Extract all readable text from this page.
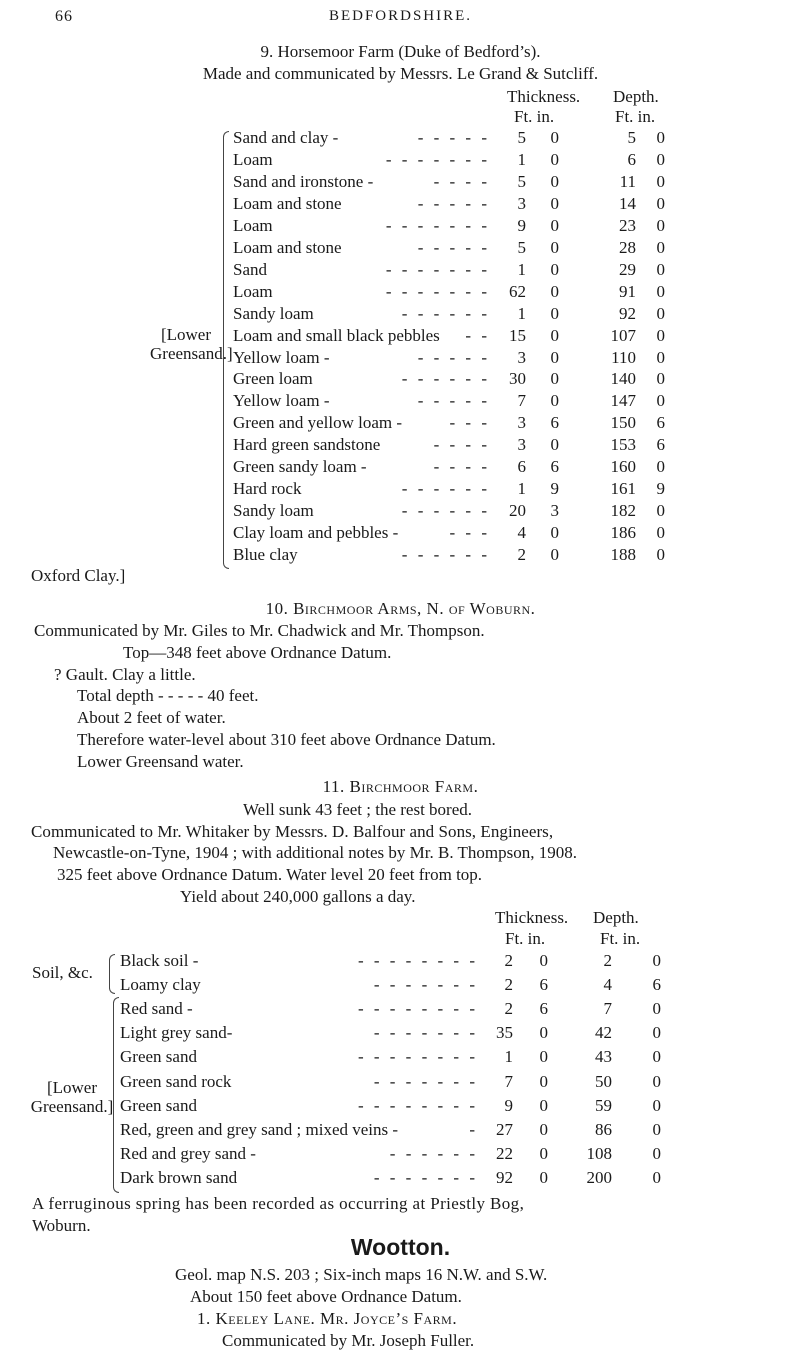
66	BEDFORDSHIRE.
9. Horsemoor Farm (Duke of Bedford’s).
Made and communicated by Messrs. Le Grand & Sutcliff.
Thickness. Depth.
Ft. in.	Ft. in.
Sand and clay -	- - - - - 5 0	5 0
Loam	- - - - - - - 1 0	6 0
Sand and ironstone -	- - - - 5 0	11 0
Loam and stone	- - - - - 3 0	14 0
Loam	- - - - - - - 9 0	23 0
Loam and stone	- - - - - 5 0	28 0
Sand	- - - - - - - 1 0	29 0
Loam	- - - - - - - 62 0	91 0
Sandy loam	- - - - - - 1 0	92 0
Loam and small black pebbles - - 15 0	107 0
Yellow loam -	- - - - - 3 0	110 0
Green loam	- - - - - - 30 0	140 0
Yellow loam -	- - - - - 7 0	147 0
Green and yellow loam -	- - - 3 6	150 6
Hard green sandstone	- - - - 3 0	153 6
Green sandy loam -	- - - - 6 6	160 0
Hard rock	- - - - - - 1 9	161 9
Sandy loam	- - - - - - 20 3	182 0
Clay loam and pebbles -	- - - 4 0	186 0
Blue clay	- - - - - - 2 0	188 0
[Lower Greensand.]
Oxford Clay.]
10. Birchmoor Arms, N. of Woburn.
Communicated by Mr. Giles to Mr. Chadwick and Mr. Thompson.
Top—348 feet above Ordnance Datum.
? Gault. Clay a little.
Total depth - - - - - 40 feet.
About 2 feet of water.
Therefore water-level about 310 feet above Ordnance Datum.
Lower Greensand water.
11. Birchmoor Farm.
Well sunk 43 feet ; the rest bored.
Communicated to Mr. Whitaker by Messrs. D. Balfour and Sons, Engineers,
Newcastle-on-Tyne, 1904 ; with additional notes by Mr. B. Thompson, 1908.
325 feet above Ordnance Datum. Water level 20 feet from top.
Yield about 240,000 gallons a day.
Thickness. Depth.
Ft. in.	Ft. in.
Black soil -	- - - - - - - - 2 0	2 0
Loamy clay	- - - - - - - 2 6	4 6
Red sand -	- - - - - - - - 2 6	7 0
Light grey sand-	- - - - - - - 35 0	42 0
Green sand	- - - - - - - - 1 0	43 0
Green sand rock	- - - - - - - 7 0	50 0
Green sand	- - - - - - - - 9 0	59 0
Red, green and grey sand ; mixed veins -	- 27 0	86 0
Red and grey sand -	- - - - - - 22 0 108 0
Dark brown sand	- - - - - - - 92 0 200 0
Soil, &c.
[Lower Greensand.]
A ferruginous spring has been recorded as occurring at Priestly Bog,
Woburn.
Wootton.
Geol. map N.S. 203 ; Six-inch maps 16 N.W. and S.W.
About 150 feet above Ordnance Datum.
1. Keeley Lane. Mr. Joyce’s Farm.
Communicated by Mr. Joseph Fuller.
